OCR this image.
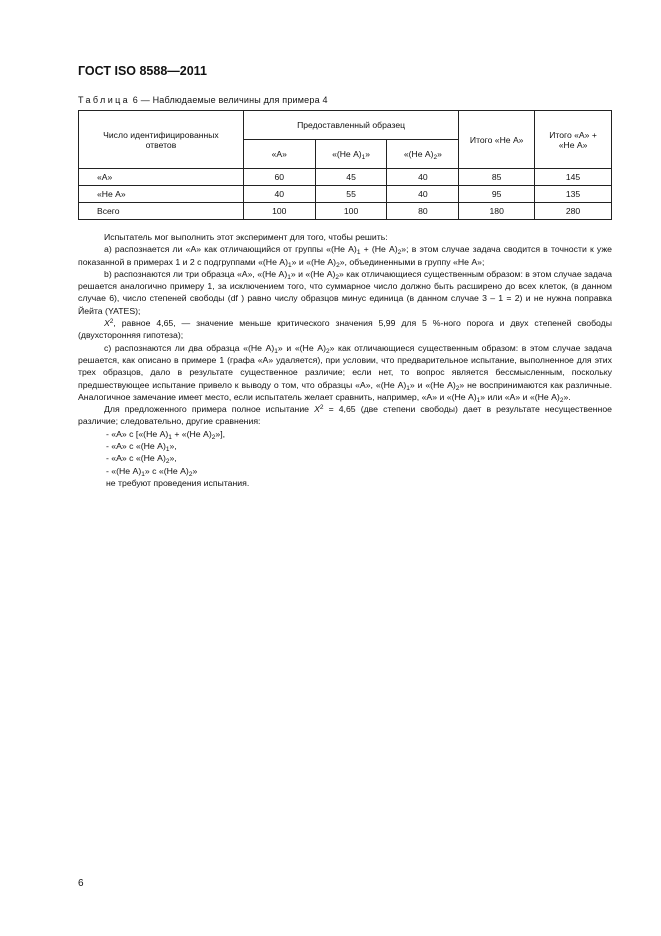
ГОСТ ISO 8588—2011
Таблица 6 — Наблюдаемые величины для примера 4
Число идентифицированных ответов	Предоставленный образец			Итого «Не А»	Итого «А» + «Не А»
	«A»	«(Не $A)_1$»	«(Не $A)_2$»		
«A»	60	45	40	85	145
«Не A»	40	55	40	95	135
Всего	100	100	80	180	280

Испытатель мог выполнить этот эксперимент для того, чтобы решить:

а) распознается ли «А» как отличающийся от группы «(Не $А)_1 + (Не$ $А)_2$»; в этом случае задача сводится в точности к уже показанной в примерах 1 и 2 с подгруппами «(Не $А)_1$» и «(Не $А)_2$», объединенными в группу «Не А»;

b) распознаются ли три образца «А», «(Не $А)_1$» и «(Не $А)_2$» как отличающиеся существенным образом: в этом случае задача решается аналогично примеру 1, за исключением того, что суммарное число должно быть расширено до всех клеток, (в данном случае 6), число степеней свободы (df ) равно числу образцов минус единица (в данном случае 3 – 1 = 2) и не нужна поправка Йейта (YATES);

$X^2$, равное 4,65, — значение меньше критического значения 5,99 для 5 %-ного порога и двух степеней свободы (двухсторонняя гипотеза);

с) распознаются ли два образца «(Не $А)_1$» и «(Не $А)_2$» как отличающиеся существенным образом: в этом случае задача решается, как описано в примере 1 (графа «А» удаляется), при условии, что предварительное испытание, выполненное для этих трех образцов, дало в результате существенное различие; если нет, то вопрос является бессмысленным, поскольку предшествующее испытание привело к выводу о том, что образцы «А», «(Не $А)_1$» и «(Не $А)_2$» не воспринимаются как различные. Аналогичное замечание имеет место, если испытатель желает сравнить, например, «А» и «(Не $А)_1$» или «А» и «(Не $А)_2$».

Для предложенного примера полное испытание $X^2 = 4,65$ (две степени свободы) дает в результате несущественное различие; следовательно, другие сравнения:

- «А» с [«(Не $А)_1$ + «(Не $А)_2$»],

- «А» с «(Не $А)_1$»,

- «А» с «(Не $А)_2$»,

- «(Не $А)_1$» с «(Не $А)_2$»

не требуют проведения испытания.

6
